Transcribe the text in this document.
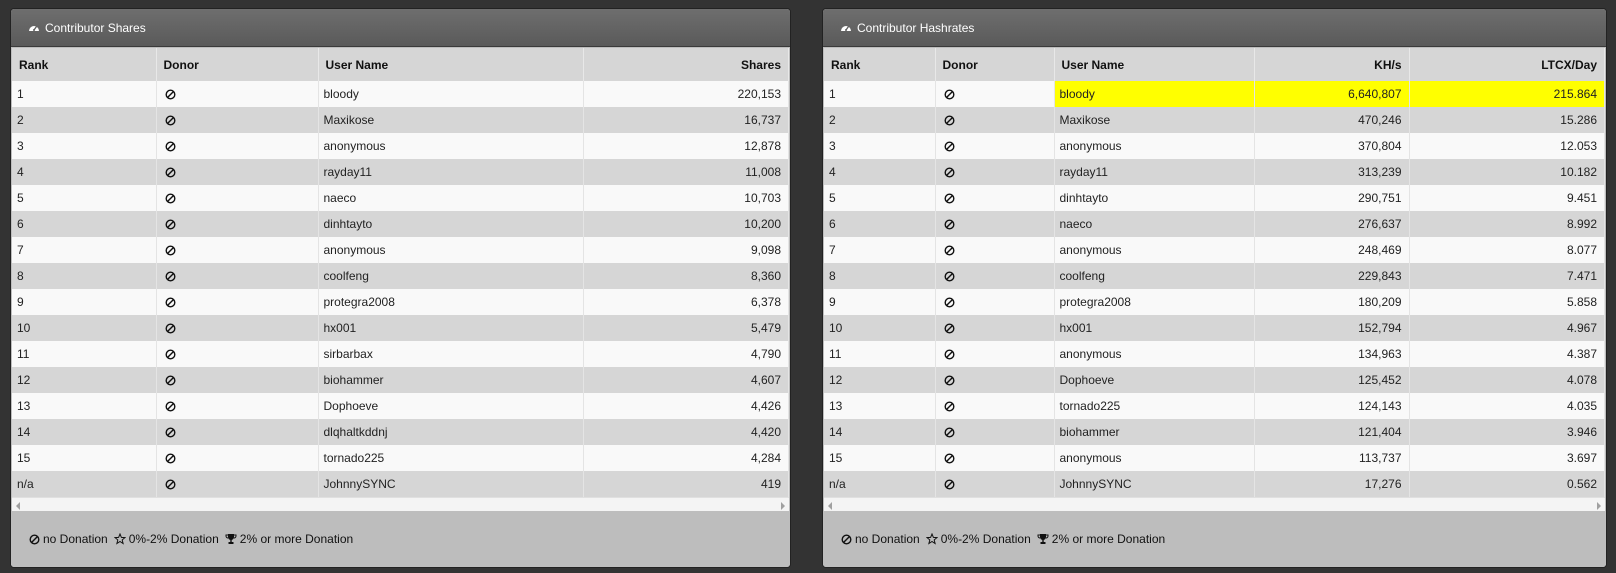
Contributor Shares
Rank	Donor	User Name	Shares
1		bloody	220,153
2		Maxikose	16,737
3		anonymous	12,878
4		rayday11	11,008
5		naeco	10,703
6		dinhtayto	10,200
7		anonymous	9,098
8		coolfeng	8,360
9		protegra2008	6,378
10		hx001	5,479
11		sirbarbax	4,790
12		biohammer	4,607
13		Dophoeve	4,426
14		dlqhaltkddnj	4,420
15		tornado225	4,284
n/a		JohnnySYNC	419
no Donation 0%-2% Donation 2% or more Donation
Contributor Hashrates
Rank	Donor	User Name	KH/s	LTCX/Day
1		bloody	6,640,807	215.864
2		Maxikose	470,246	15.286
3		anonymous	370,804	12.053
4		rayday11	313,239	10.182
5		dinhtayto	290,751	9.451
6		naeco	276,637	8.992
7		anonymous	248,469	8.077
8		coolfeng	229,843	7.471
9		protegra2008	180,209	5.858
10		hx001	152,794	4.967
11		anonymous	134,963	4.387
12		Dophoeve	125,452	4.078
13		tornado225	124,143	4.035
14		biohammer	121,404	3.946
15		anonymous	113,737	3.697
n/a		JohnnySYNC	17,276	0.562
no Donation 0%-2% Donation 2% or more Donation
